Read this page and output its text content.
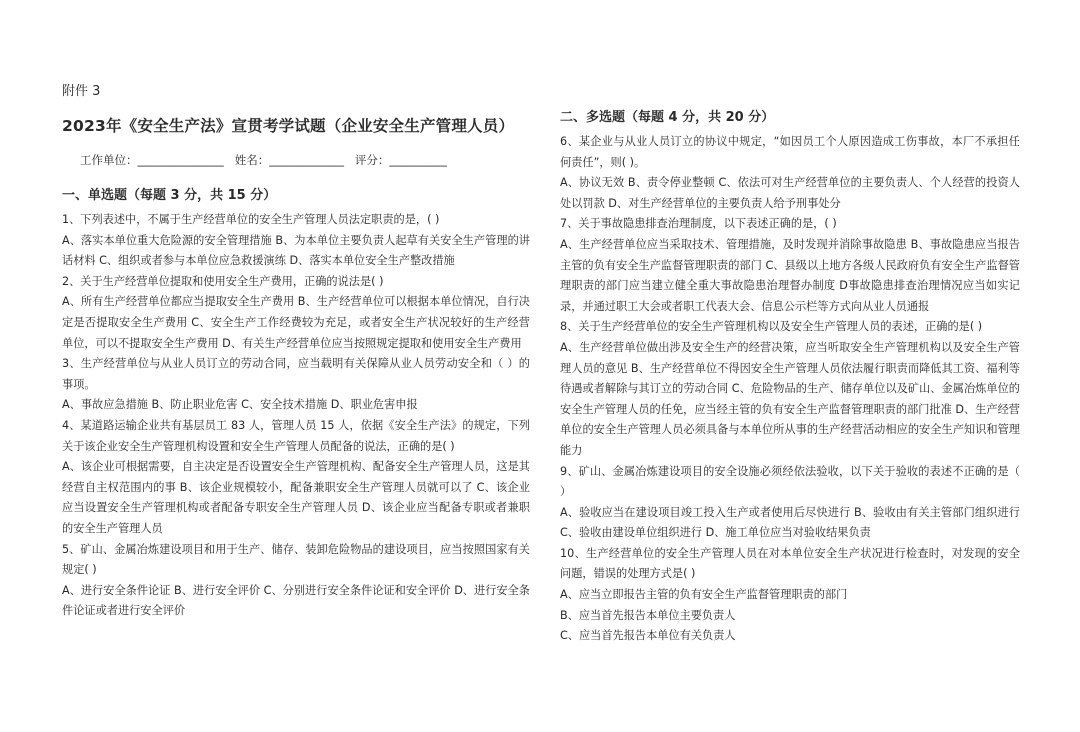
附件 3
2023年《安全生产法》宣贯考学试题（企业安全生产管理人员）
工作单位：_______________   姓名：_____________   评分：__________
一、单选题（每题 3 分，共 15 分）

1、下列表述中，不属于生产经营单位的安全生产管理人员法定职责的是，( )

A、落实本单位重大危险源的安全管理措施 B、为本单位主要负责人起草有关安全生产管理的讲话材料 C、组织或者参与本单位应急救援演练 D、落实本单位安全生产整改措施

2、关于生产经营单位提取和使用安全生产费用，正确的说法是( )

A、所有生产经营单位都应当提取安全生产费用 B、生产经营单位可以根据本单位情况，自行决定是否提取安全生产费用 C、安全生产工作经费较为充足，或者安全生产状况较好的生产经营单位，可以不提取安全生产费用 D、有关生产经营单位应当按照规定提取和使用安全生产费用

3、生产经营单位与从业人员订立的劳动合同，应当载明有关保障从业人员劳动安全和（ ）的事项。

A、事故应急措施 B、防止职业危害 C、安全技术措施 D、职业危害申报

4、某道路运输企业共有基层员工 83 人，管理人员 15 人，依据《安全生产法》的规定，下列关于该企业安全生产管理机构设置和安全生产管理人员配备的说法，正确的是( )

A、该企业可根据需要，自主决定是否设置安全生产管理机构、配备安全生产管理人员，这是其经营自主权范围内的事 B、该企业规模较小，配备兼职安全生产管理人员就可以了 C、该企业应当设置安全生产管理机构或者配备专职安全生产管理人员 D、该企业应当配备专职或者兼职的安全生产管理人员

5、矿山、金属冶炼建设项目和用于生产、储存、装卸危险物品的建设项目，应当按照国家有关规定( )

A、进行安全条件论证 B、进行安全评价 C、分别进行安全条件论证和安全评价 D、进行安全条件论证或者进行安全评价

二、多选题（每题 4 分，共 20 分）

6、某企业与从业人员订立的协议中规定，“如因员工个人原因造成工伤事故，本厂不承担任何责任”，则( )。

A、协议无效 B、责令停业整顿 C、依法可对生产经营单位的主要负责人、个人经营的投资人处以罚款 D、对生产经营单位的主要负责人给予刑事处分

7、关于事故隐患排查治理制度，以下表述正确的是，( )

A、生产经营单位应当采取技术、管理措施，及时发现并消除事故隐患 B、事故隐患应当报告主管的负有安全生产监督管理职责的部门 C、县级以上地方各级人民政府负有安全生产监督管理职责的部门应当建立健全重大事故隐患治理督办制度 D事故隐患排查治理情况应当如实记录，并通过职工大会或者职工代表大会、信息公示栏等方式向从业人员通报

8、关于生产经营单位的安全生产管理机构以及安全生产管理人员的表述，正确的是( )

A、生产经营单位做出涉及安全生产的经营决策，应当听取安全生产管理机构以及安全生产管理人员的意见 B、生产经营单位不得因安全生产管理人员依法履行职责而降低其工资、福利等待遇或者解除与其订立的劳动合同 C、危险物品的生产、储存单位以及矿山、金属冶炼单位的安全生产管理人员的任免，应当经主管的负有安全生产监督管理职责的部门批准 D、生产经营单位的安全生产管理人员必须具备与本单位所从事的生产经营活动相应的安全生产知识和管理能力

9、矿山、金属冶炼建设项目的安全设施必须经依法验收，以下关于验收的表述不正确的是（ ）

A、验收应当在建设项目竣工投入生产或者使用后尽快进行 B、验收由有关主管部门组织进行 C、验收由建设单位组织进行 D、施工单位应当对验收结果负责

10、生产经营单位的安全生产管理人员在对本单位安全生产状况进行检查时，对发现的安全问题，错误的处理方式是( )

A、应当立即报告主管的负有安全生产监督管理职责的部门
B、应当首先报告本单位主要负责人
C、应当首先报告本单位有关负责人
